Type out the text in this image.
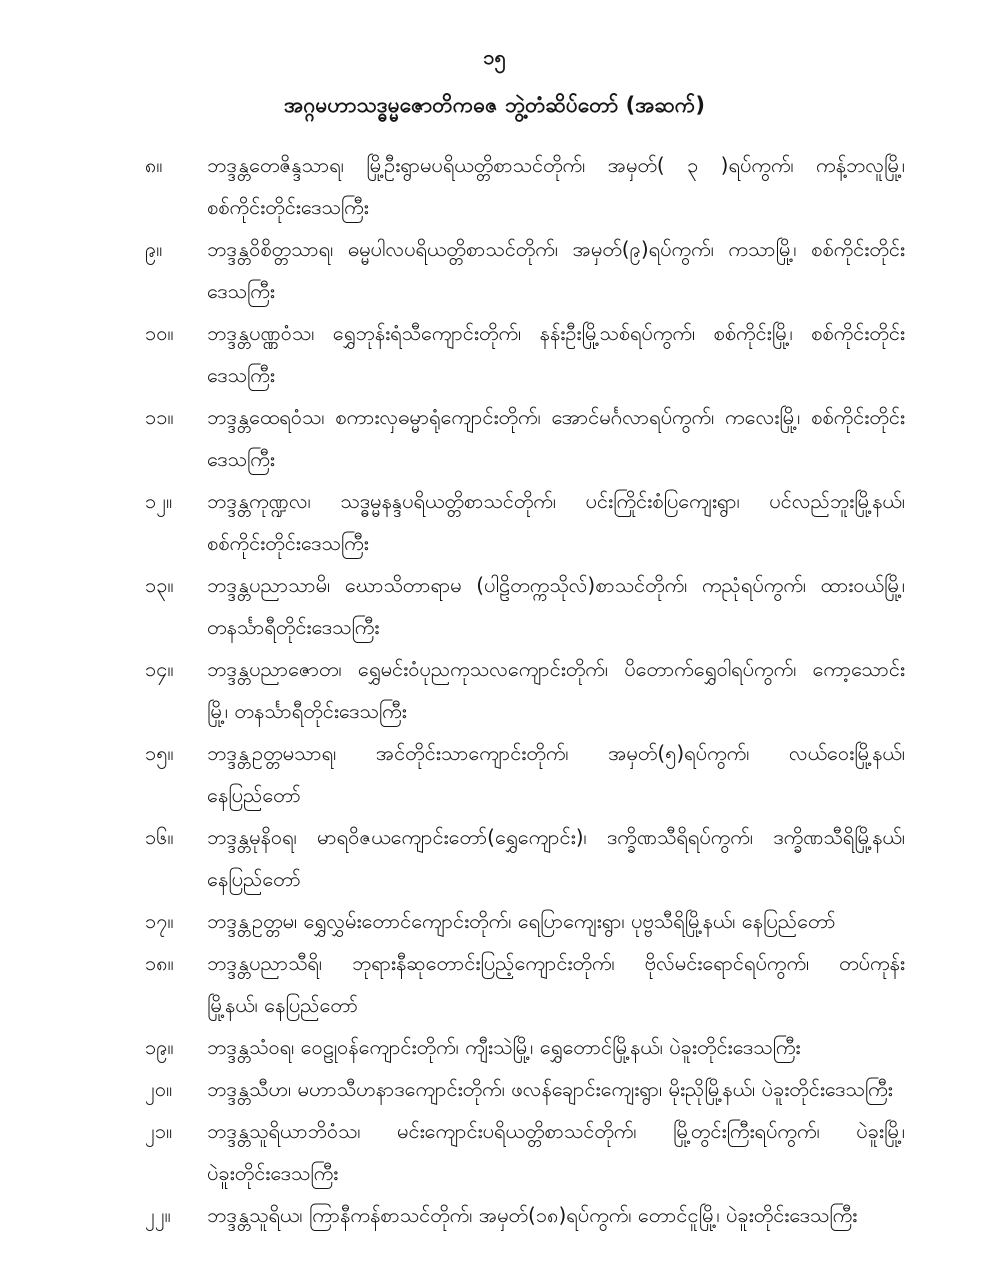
၁၅
အဂ္ဂမဟာသဒ္ဓမ္မဇောတိကဓဇ ဘွဲ့တံဆိပ်တော် (အဆက်)
၈။	ဘဒ္ဒန္တတေဇိန္ဒသာရ၊ မြို့ဦးရွာမပရိယတ္တိစာသင်တိုက်၊ အမှတ်( ၃ )ရပ်ကွက်၊ ကန့်ဘလူမြို့၊
စစ်ကိုင်းတိုင်းဒေသကြီး
၉။	ဘဒ္ဒန္တဝိစိတ္တသာရ၊ ဓမ္မပါလပရိယတ္တိစာသင်တိုက်၊ အမှတ်(၉)ရပ်ကွက်၊ ကသာမြို့၊ စစ်ကိုင်းတိုင်း
ဒေသကြီး
၁၀။	ဘဒ္ဒန္တပဏ္ဏဝံသ၊ ရွှေဘုန်းရံသီကျောင်းတိုက်၊ နန်းဦးမြို့သစ်ရပ်ကွက်၊ စစ်ကိုင်းမြို့၊ စစ်ကိုင်းတိုင်း
ဒေသကြီး
၁၁။	ဘဒ္ဒန္တထေရဝံသ၊ စကားလှဓမ္မာရုံကျောင်းတိုက်၊ အောင်မင်္ဂလာရပ်ကွက်၊ ကလေးမြို့၊ စစ်ကိုင်းတိုင်း
ဒေသကြီး
၁၂။	ဘဒ္ဒန္တကုဏ္ဍလ၊ သဒ္ဓမ္မနန္ဒပရိယတ္တိစာသင်တိုက်၊ ပင်းကြိုင်းစံပြကျေးရွာ၊ ပင်လည်ဘူးမြို့နယ်၊
စစ်ကိုင်းတိုင်းဒေသကြီး
၁၃။	ဘဒ္ဒန္တပညာသာမိ၊ ဃောသိတာရာမ (ပါဠိတက္ကသိုလ်)စာသင်တိုက်၊ ကညုံရပ်ကွက်၊ ထားဝယ်မြို့၊
တနင်္သာရီတိုင်းဒေသကြီး
၁၄။	ဘဒ္ဒန္တပညာဇောတ၊ ရွှေမင်းဝံပုညကုသလကျောင်းတိုက်၊ ပိတောက်ရွှေဝါရပ်ကွက်၊ ကော့သောင်း
မြို့၊ တနင်္သာရီတိုင်းဒေသကြီး
၁၅။	ဘဒ္ဒန္တဥတ္တမသာရ၊ အင်တိုင်းသာကျောင်းတိုက်၊ အမှတ်(၅)ရပ်ကွက်၊ လယ်ဝေးမြို့နယ်၊
နေပြည်တော်
၁၆။	ဘဒ္ဒန္တမုနိဝရ၊ မာရဝိဇယကျောင်းတော်(ရွှေကျောင်း)၊ ဒက္ခိဏသီရိရပ်ကွက်၊ ဒက္ခိဏသီရိမြို့နယ်၊
နေပြည်တော်
၁၇။	ဘဒ္ဒန္တဥတ္တမ၊ ရွှေလွှမ်းတောင်ကျောင်းတိုက်၊ ရေပြာကျေးရွာ၊ ပုဗ္ဗသီရိမြို့နယ်၊ နေပြည်တော်
၁၈။	ဘဒ္ဒန္တပညာသီရိ၊ ဘုရားနီဆုတောင်းပြည့်ကျောင်းတိုက်၊ ဗိုလ်မင်းရောင်ရပ်ကွက်၊ တပ်ကုန်း
မြို့နယ်၊ နေပြည်တော်
၁၉။	ဘဒ္ဒန္တသံဝရ၊ ဝေဠုဝန်ကျောင်းတိုက်၊ ကျီးသဲမြို့၊ ရွှေတောင်မြို့နယ်၊ ပဲခူးတိုင်းဒေသကြီး
၂၀။	ဘဒ္ဒန္တသီဟ၊ မဟာသီဟနာဒကျောင်းတိုက်၊ ဖလန်ချောင်းကျေးရွာ၊ မိုးညိုမြို့နယ်၊ ပဲခူးတိုင်းဒေသကြီး
၂၁။	ဘဒ္ဒန္တသူရိယာဘိဝံသ၊ မင်းကျောင်းပရိယတ္တိစာသင်တိုက်၊ မြို့တွင်းကြီးရပ်ကွက်၊ ပဲခူးမြို့၊
ပဲခူးတိုင်းဒေသကြီး
၂၂။	ဘဒ္ဒန္တသူရိယ၊ ကြာနီကန်စာသင်တိုက်၊ အမှတ်(၁၈)ရပ်ကွက်၊ တောင်ငူမြို့၊ ပဲခူးတိုင်းဒေသကြီး
